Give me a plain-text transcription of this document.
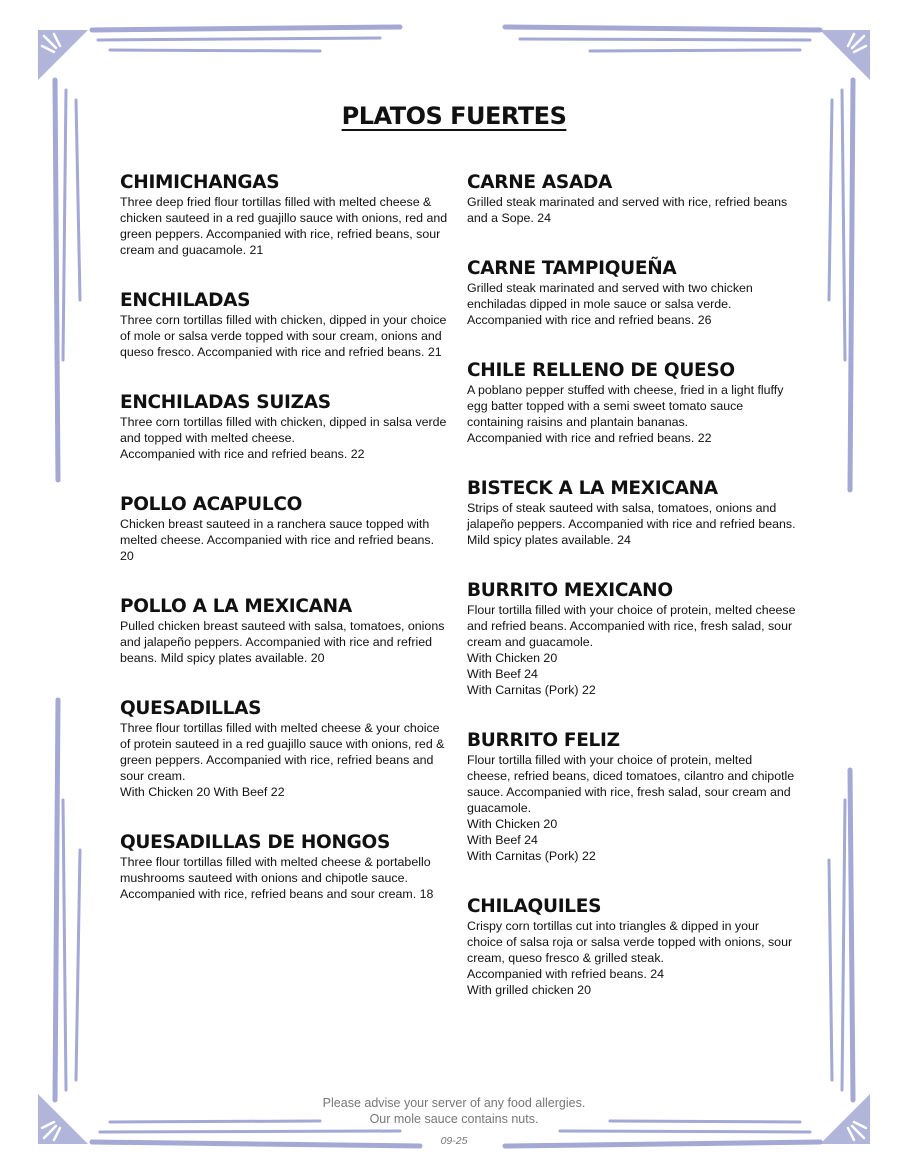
PLATOS FUERTES
CHIMICHANGAS

Three deep fried flour tortillas filled with melted cheese & chicken sauteed in a red guajillo sauce with onions, red and green peppers. Accompanied with rice, refried beans, sour cream and guacamole. 21

ENCHILADAS

Three corn tortillas filled with chicken, dipped in your choice of mole or salsa verde topped with sour cream, onions and queso fresco. Accompanied with rice and refried beans. 21

ENCHILADAS SUIZAS

Three corn tortillas filled with chicken, dipped in salsa verde and topped with melted cheese.
Accompanied with rice and refried beans. 22

POLLO ACAPULCO

Chicken breast sauteed in a ranchera sauce topped with melted cheese. Accompanied with rice and refried beans. 20

POLLO A LA MEXICANA

Pulled chicken breast sauteed with salsa, tomatoes, onions and jalapeño peppers. Accompanied with rice and refried beans. Mild spicy plates available. 20

QUESADILLAS

Three flour tortillas filled with melted cheese & your choice of protein sauteed in a red guajillo sauce with onions, red & green peppers. Accompanied with rice, refried beans and sour cream.
With Chicken 20 With Beef 22

QUESADILLAS DE HONGOS

Three flour tortillas filled with melted cheese & portabello mushrooms sauteed with onions and chipotle sauce. Accompanied with rice, refried beans and sour cream. 18

CARNE ASADA

Grilled steak marinated and served with rice, refried beans and a Sope. 24

CARNE TAMPIQUEÑA

Grilled steak marinated and served with two chicken enchiladas dipped in mole sauce or salsa verde.
Accompanied with rice and refried beans. 26

CHILE RELLENO DE QUESO

A poblano pepper stuffed with cheese, fried in a light fluffy egg batter topped with a semi sweet tomato sauce containing raisins and plantain bananas.
Accompanied with rice and refried beans. 22

BISTECK A LA MEXICANA

Strips of steak sauteed with salsa, tomatoes, onions and jalapeño peppers. Accompanied with rice and refried beans. Mild spicy plates available. 24

BURRITO MEXICANO

Flour tortilla filled with your choice of protein, melted cheese and refried beans. Accompanied with rice, fresh salad, sour cream and guacamole.
With Chicken 20
With Beef 24
With Carnitas (Pork) 22

BURRITO FELIZ

Flour tortilla filled with your choice of protein, melted cheese, refried beans, diced tomatoes, cilantro and chipotle sauce. Accompanied with rice, fresh salad, sour cream and guacamole.
With Chicken 20
With Beef 24
With Carnitas (Pork) 22

CHILAQUILES

Crispy corn tortillas cut into triangles & dipped in your choice of salsa roja or salsa verde topped with onions, sour cream, queso fresco & grilled steak.
Accompanied with refried beans. 24
With grilled chicken 20

Please advise your server of any food allergies.
Our mole sauce contains nuts.
09-25
